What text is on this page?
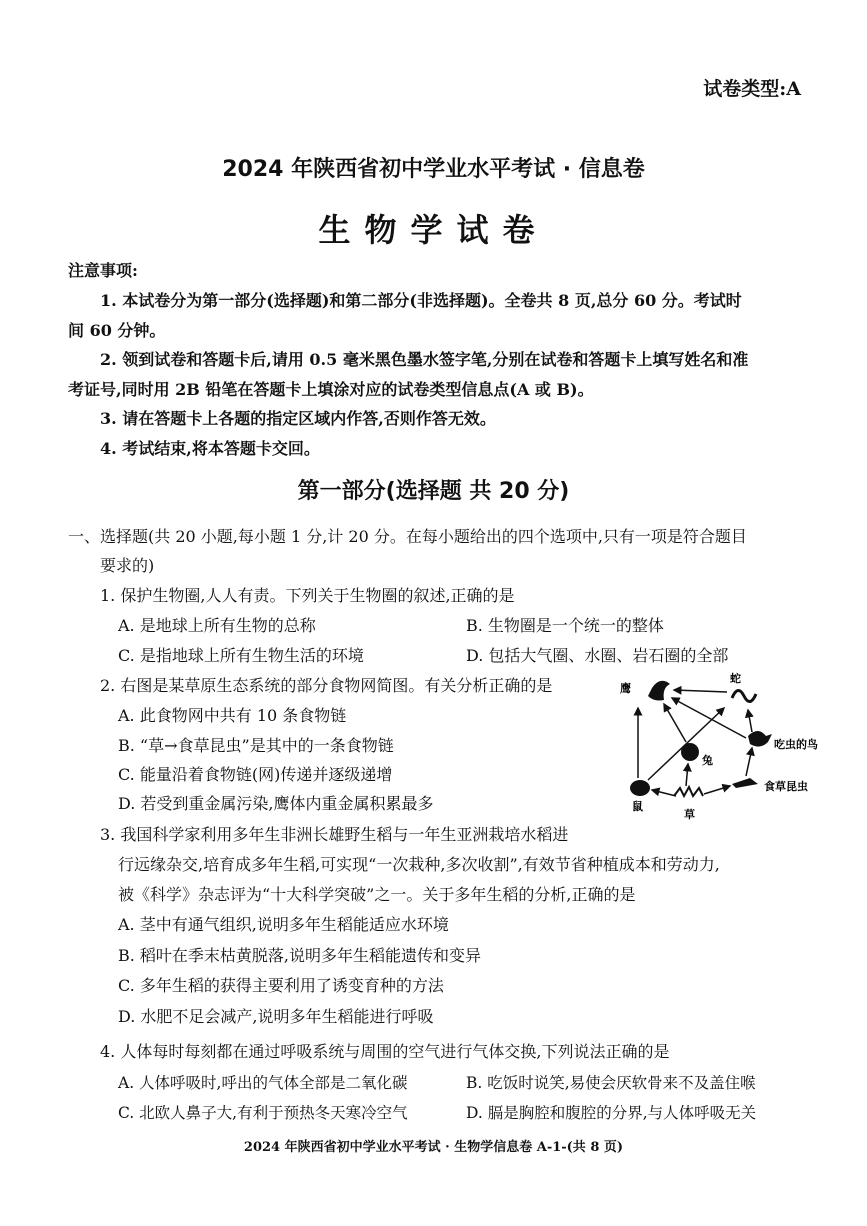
试卷类型:A
2024 年陕西省初中学业水平考试 · 信息卷
生物学试卷
注意事项:
1. 本试卷分为第一部分(选择题)和第二部分(非选择题)。全卷共 8 页,总分 60 分。考试时
间 60 分钟。
2. 领到试卷和答题卡后,请用 0.5 毫米黑色墨水签字笔,分别在试卷和答题卡上填写姓名和准
考证号,同时用 2B 铅笔在答题卡上填涂对应的试卷类型信息点(A 或 B)。
3. 请在答题卡上各题的指定区域内作答,否则作答无效。
4. 考试结束,将本答题卡交回。
第一部分(选择题 共 20 分)
一、选择题(共 20 小题,每小题 1 分,计 20 分。在每小题给出的四个选项中,只有一项是符合题目
要求的)
1. 保护生物圈,人人有责。下列关于生物圈的叙述,正确的是
A. 是地球上所有生物的总称	B. 生物圈是一个统一的整体
C. 是指地球上所有生物生活的环境	D. 包括大气圈、水圈、岩石圈的全部
2. 右图是某草原生态系统的部分食物网简图。有关分析正确的是
A. 此食物网中共有 10 条食物链
B. “草→食草昆虫”是其中的一条食物链
C. 能量沿着食物链(网)传递并逐级递增
D. 若受到重金属污染,鹰体内重金属积累最多
鹰
蛇
吃虫的鸟
兔
鼠
草
食草昆虫
3. 我国科学家利用多年生非洲长雄野生稻与一年生亚洲栽培水稻进
行远缘杂交,培育成多年生稻,可实现“一次栽种,多次收割”,有效节省种植成本和劳动力,
被《科学》杂志评为“十大科学突破”之一。关于多年生稻的分析,正确的是
A. 茎中有通气组织,说明多年生稻能适应水环境
B. 稻叶在季末枯黄脱落,说明多年生稻能遗传和变异
C. 多年生稻的获得主要利用了诱变育种的方法
D. 水肥不足会减产,说明多年生稻能进行呼吸
4. 人体每时每刻都在通过呼吸系统与周围的空气进行气体交换,下列说法正确的是
A. 人体呼吸时,呼出的气体全部是二氧化碳	B. 吃饭时说笑,易使会厌软骨来不及盖住喉
C. 北欧人鼻子大,有利于预热冬天寒冷空气	D. 膈是胸腔和腹腔的分界,与人体呼吸无关
2024 年陕西省初中学业水平考试 · 生物学信息卷 A-1-(共 8 页)
